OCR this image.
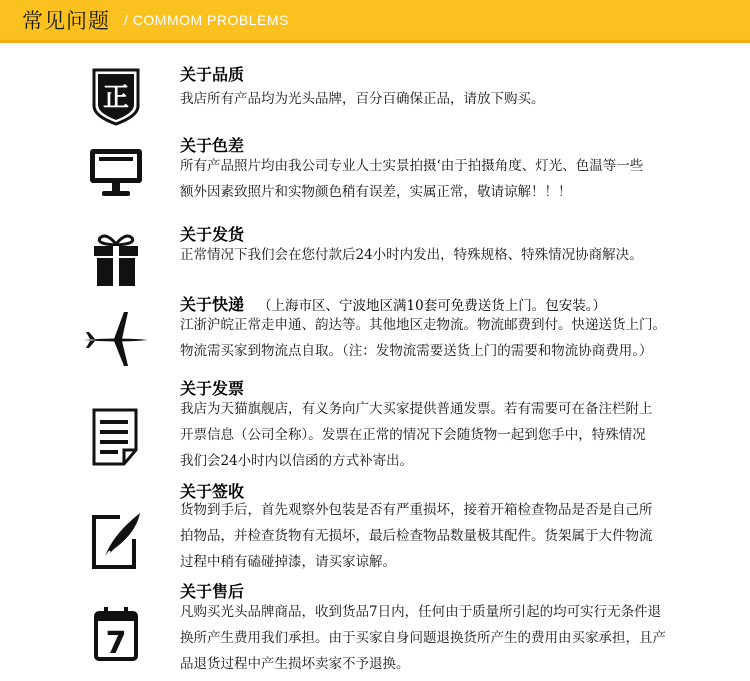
常见问题 / COMMOM PROBLEMS
正
关于品质
我店所有产品均为光头品牌，百分百确保正品，请放下购买。
关于色差
所有产品照片均由我公司专业人士实景拍摄‘由于拍摄角度、灯光、色温等一些
额外因素致照片和实物颜色稍有误差，实属正常，敬请谅解！！！
关于发货
正常情况下我们会在您付款后24小时内发出，特殊规格、特殊情况协商解决。
关于快递 （上海市区、宁波地区满10套可免费送货上门。包安装。）
江浙沪皖正常走申通、韵达等。其他地区走物流。物流邮费到付。快递送货上门。
物流需买家到物流点自取。（注：发物流需要送货上门的需要和物流协商费用。）
关于发票
我店为天猫旗舰店，有义务向广大买家提供普通发票。若有需要可在备注栏附上
开票信息（公司全称）。发票在正常的情况下会随货物一起到您手中，特殊情况
我们会24小时内以信函的方式补寄出。
关于签收
货物到手后，首先观察外包装是否有严重损坏，接着开箱检查物品是否是自己所
拍物品，并检查货物有无损坏，最后检查物品数量极其配件。货架属于大件物流
过程中稍有磕碰掉漆，请买家谅解。
7
关于售后
凡购买光头品牌商品，收到货品7日内，任何由于质量所引起的均可实行无条件退
换所产生费用我们承担。由于买家自身问题退换货所产生的费用由买家承担，且产
品退货过程中产生损坏卖家不予退换。
